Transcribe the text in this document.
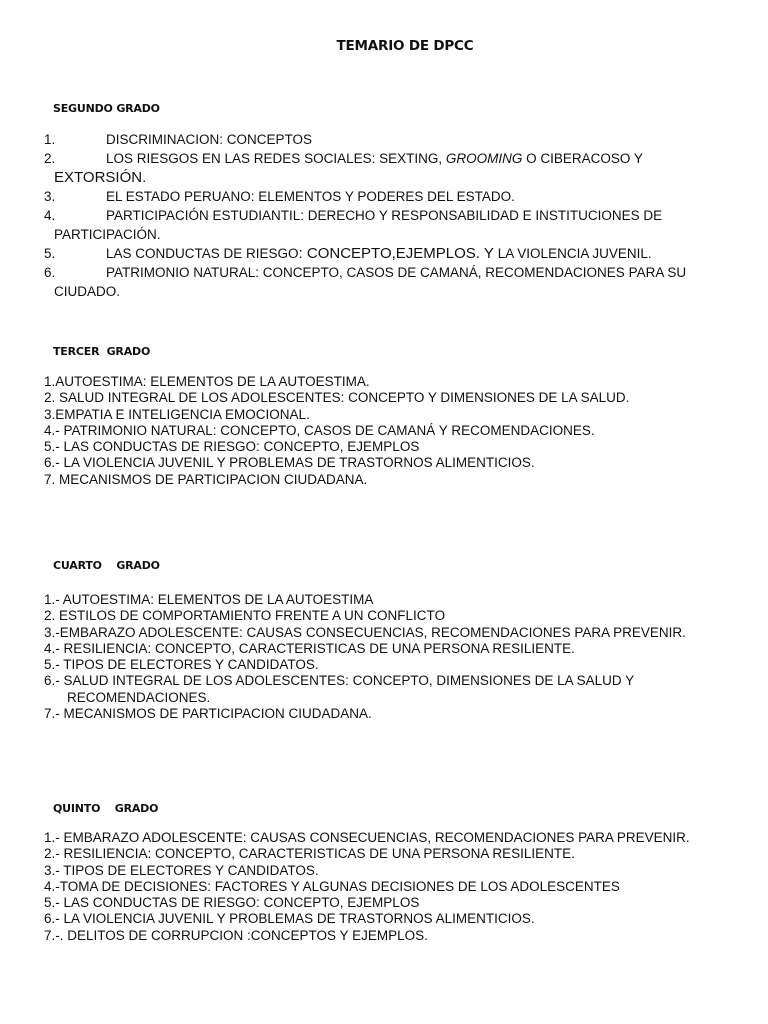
TEMARIO DE DPCC
SEGUNDO GRADO
1.	DISCRIMINACION: CONCEPTOS
2.	LOS RIESGOS EN LAS REDES SOCIALES: SEXTING, GROOMING O CIBERACOSO Y
EXTORSIÓN.
3.	EL ESTADO PERUANO: ELEMENTOS Y PODERES DEL ESTADO.
4.	PARTICIPACIÓN ESTUDIANTIL: DERECHO Y RESPONSABILIDAD E INSTITUCIONES DE
PARTICIPACIÓN.
5.	LAS CONDUCTAS DE RIESGO: CONCEPTO,EJEMPLOS. Y LA VIOLENCIA JUVENIL.
6.	PATRIMONIO NATURAL: CONCEPTO, CASOS DE CAMANÁ, RECOMENDACIONES PARA SU
CIUDADO.
TERCER  GRADO
1.AUTOESTIMA: ELEMENTOS DE LA AUTOESTIMA.
2. SALUD INTEGRAL DE LOS ADOLESCENTES: CONCEPTO Y DIMENSIONES DE LA SALUD.
3.EMPATIA E INTELIGENCIA EMOCIONAL.
4.- PATRIMONIO NATURAL: CONCEPTO, CASOS DE CAMANÁ Y RECOMENDACIONES.
5.- LAS CONDUCTAS DE RIESGO: CONCEPTO, EJEMPLOS
6.- LA VIOLENCIA JUVENIL Y PROBLEMAS DE TRASTORNOS ALIMENTICIOS.
7. MECANISMOS DE PARTICIPACION CIUDADANA.
CUARTO    GRADO
1.- AUTOESTIMA: ELEMENTOS DE LA AUTOESTIMA
2. ESTILOS DE COMPORTAMIENTO FRENTE A UN CONFLICTO
3.-EMBARAZO ADOLESCENTE: CAUSAS CONSECUENCIAS, RECOMENDACIONES PARA PREVENIR.
4.- RESILIENCIA: CONCEPTO, CARACTERISTICAS DE UNA PERSONA RESILIENTE.
5.- TIPOS DE ELECTORES Y CANDIDATOS.
6.- SALUD INTEGRAL DE LOS ADOLESCENTES: CONCEPTO, DIMENSIONES DE LA SALUD Y
RECOMENDACIONES.
7.- MECANISMOS DE PARTICIPACION CIUDADANA.
QUINTO    GRADO
1.- EMBARAZO ADOLESCENTE: CAUSAS CONSECUENCIAS, RECOMENDACIONES PARA PREVENIR.
2.- RESILIENCIA: CONCEPTO, CARACTERISTICAS DE UNA PERSONA RESILIENTE.
3.- TIPOS DE ELECTORES Y CANDIDATOS.
4.-TOMA DE DECISIONES: FACTORES Y ALGUNAS DECISIONES DE LOS ADOLESCENTES
5.- LAS CONDUCTAS DE RIESGO: CONCEPTO, EJEMPLOS
6.- LA VIOLENCIA JUVENIL Y PROBLEMAS DE TRASTORNOS ALIMENTICIOS.
7.-. DELITOS DE CORRUPCION :CONCEPTOS Y EJEMPLOS.
